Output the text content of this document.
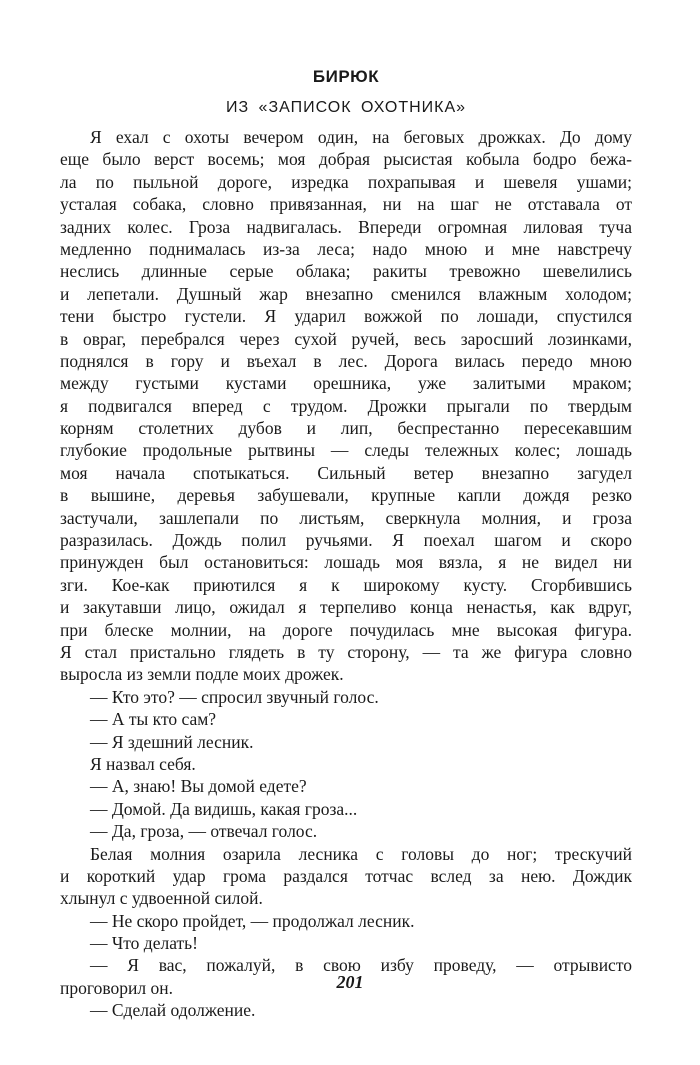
БИРЮК
ИЗ «ЗАПИСОК ОХОТНИКА»
Я ехал с охоты вечером один, на беговых дрожках. До дому
еще было верст восемь; моя добрая рысистая кобыла бодро бежа-
ла по пыльной дороге, изредка похрапывая и шевеля ушами;
усталая собака, словно привязанная, ни на шаг не отставала от
задних колес. Гроза надвигалась. Впереди огромная лиловая туча
медленно поднималась из-за леса; надо мною и мне навстречу
неслись длинные серые облака; ракиты тревожно шевелились
и лепетали. Душный жар внезапно сменился влажным холодом;
тени быстро густели. Я ударил вожжой по лошади, спустился
в овраг, перебрался через сухой ручей, весь заросший лозинками,
поднялся в гору и въехал в лес. Дорога вилась передо мною
между густыми кустами орешника, уже залитыми мраком;
я подвигался вперед с трудом. Дрожки прыгали по твердым
корням столетних дубов и лип, беспрестанно пересекавшим
глубокие продольные рытвины — следы тележных колес; лошадь
моя начала спотыкаться. Сильный ветер внезапно загудел
в вышине, деревья забушевали, крупные капли дождя резко
застучали, зашлепали по листьям, сверкнула молния, и гроза
разразилась. Дождь полил ручьями. Я поехал шагом и скоро
принужден был остановиться: лошадь моя вязла, я не видел ни
зги. Кое-как приютился я к широкому кусту. Сгорбившись
и закутавши лицо, ожидал я терпеливо конца ненастья, как вдруг,
при блеске молнии, на дороге почудилась мне высокая фигура.
Я стал пристально глядеть в ту сторону, — та же фигура словно
выросла из земли подле моих дрожек.
— Кто это? — спросил звучный голос.
— А ты кто сам?
— Я здешний лесник.
Я назвал себя.
— А, знаю! Вы домой едете?
— Домой. Да видишь, какая гроза...
— Да, гроза, — отвечал голос.
Белая молния озарила лесника с головы до ног; трескучий
и короткий удар грома раздался тотчас вслед за нею. Дождик
хлынул с удвоенной силой.
— Не скоро пройдет, — продолжал лесник.
— Что делать!
— Я вас, пожалуй, в свою избу проведу, — отрывисто
проговорил он.
— Сделай одолжение.
201
